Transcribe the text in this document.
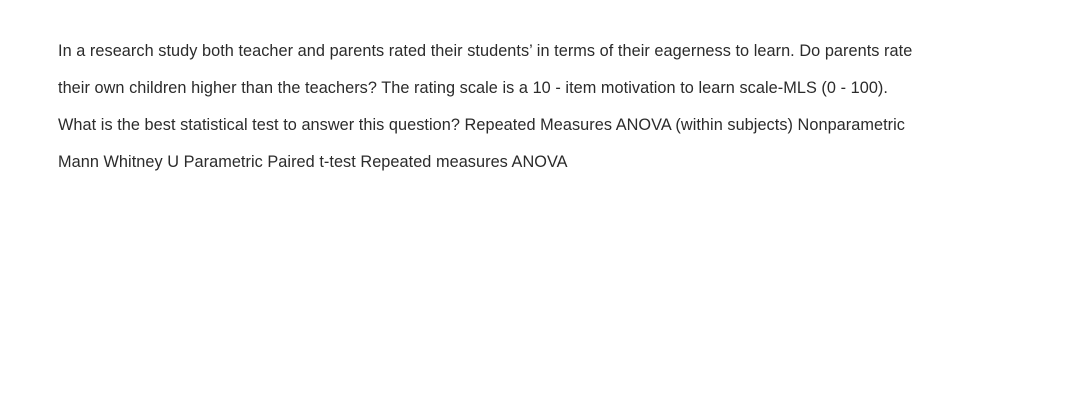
In a research study both teacher and parents rated their students’ in terms of their eagerness to learn. Do parents rate
their own children higher than the teachers? The rating scale is a 10 - item motivation to learn scale-MLS (0 - 100).
What is the best statistical test to answer this question? Repeated Measures ANOVA (within subjects) Nonparametric
Mann Whitney U Parametric Paired t-test Repeated measures ANOVA
